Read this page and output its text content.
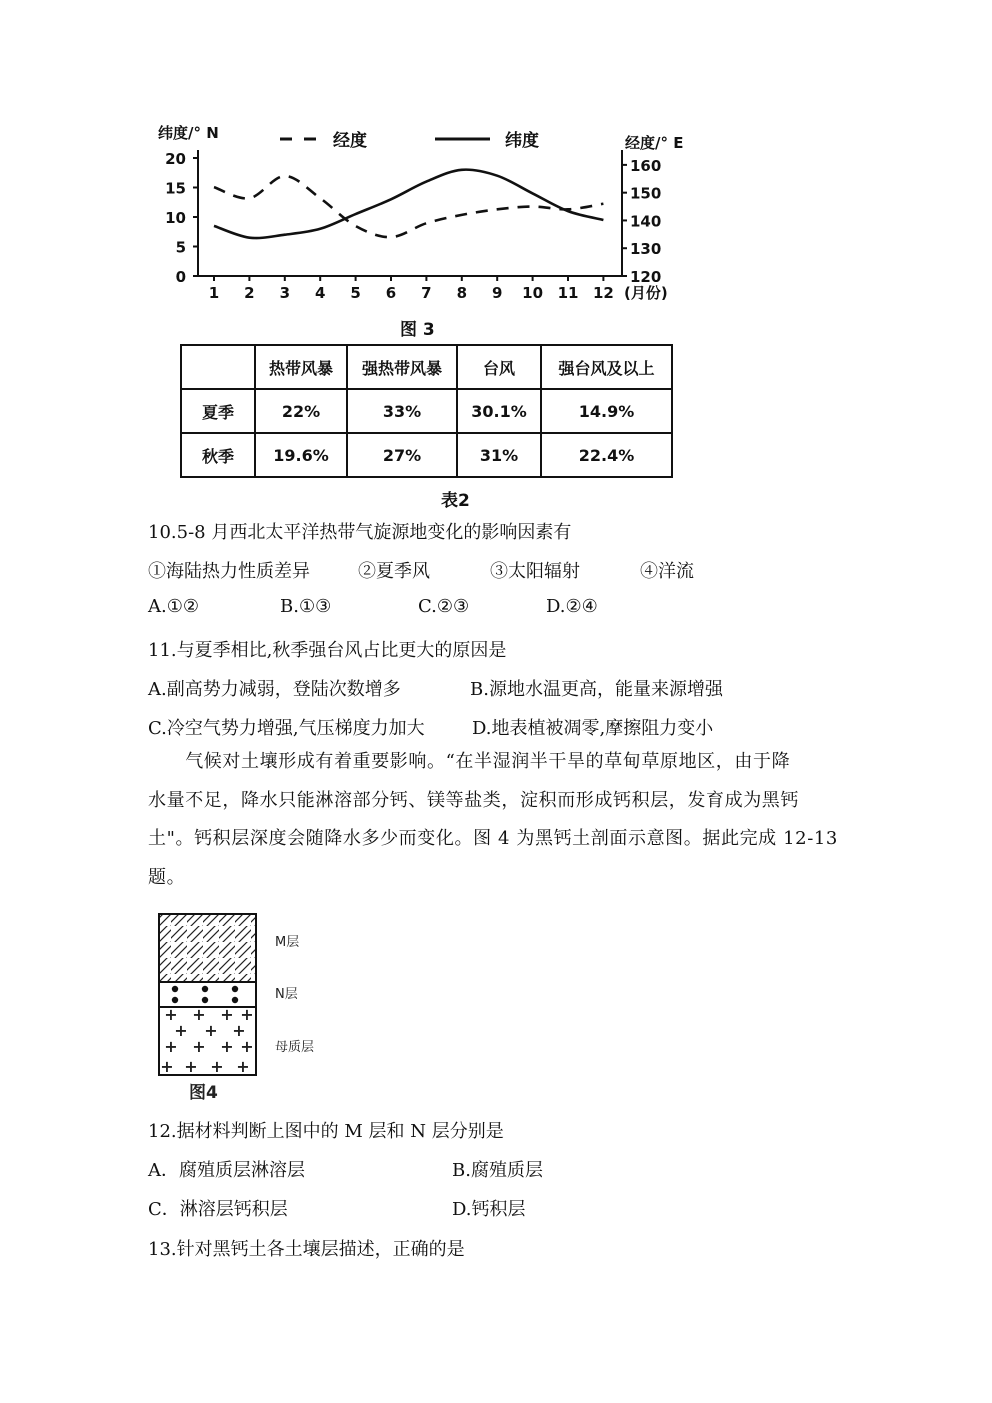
经度	纬度
纬度/° N
经度/° E
0
5
10
15
20
120
130
140
150
160
1 2 3 4 5 6 7 8 9 10 11 12 (月份)
图 3
	热带风暴	强热带风暴	台风	强台风及以上
夏季	22%	33%	30.1%	14.9%
秋季	19.6%	27%	31%	22.4%
表2
10.5-8 月西北太平洋热带气旋源地变化的影响因素有
①海陆热力性质差异	②夏季风	③太阳辐射	④洋流
A.①②	B.①③	C.②③	D.②④
11.与夏季相比,秋季强台风占比更大的原因是
A.副高势力减弱，登陆次数增多	B.源地水温更高，能量来源增强
C.冷空气势力增强,气压梯度力加大	D.地表植被凋零,摩擦阻力变小
　　气候对土壤形成有着重要影响。“在半湿润半干旱的草甸草原地区，由于降
水量不足，降水只能淋溶部分钙、镁等盐类，淀积而形成钙积层，发育成为黑钙
土"。钙积层深度会随降水多少而变化。图 4 为黑钙土剖面示意图。据此完成 12-13
题。
+ + + +
+ + +
+ + + +
+ + + +
M层
N层
母质层
图4
12.据材料判断上图中的 M 层和 N 层分别是
A．腐殖质层淋溶层	B.腐殖质层
C．淋溶层钙积层	D.钙积层
13.针对黑钙土各土壤层描述，正确的是
